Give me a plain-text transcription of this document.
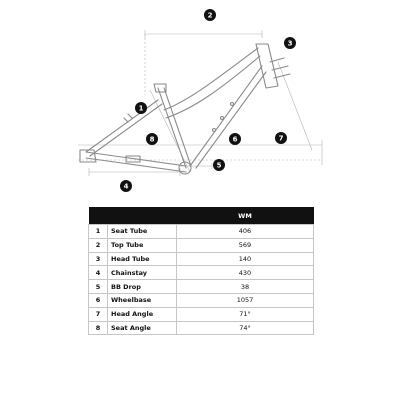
1
2
3
4
5
6	7
8
		WM
1	Seat Tube	406
2	Top Tube	569
3	Head Tube	140
4	Chainstay	430
5	BB Drop	38
6	Wheelbase	1057
7	Head Angle	71°
8	Seat Angle	74°
